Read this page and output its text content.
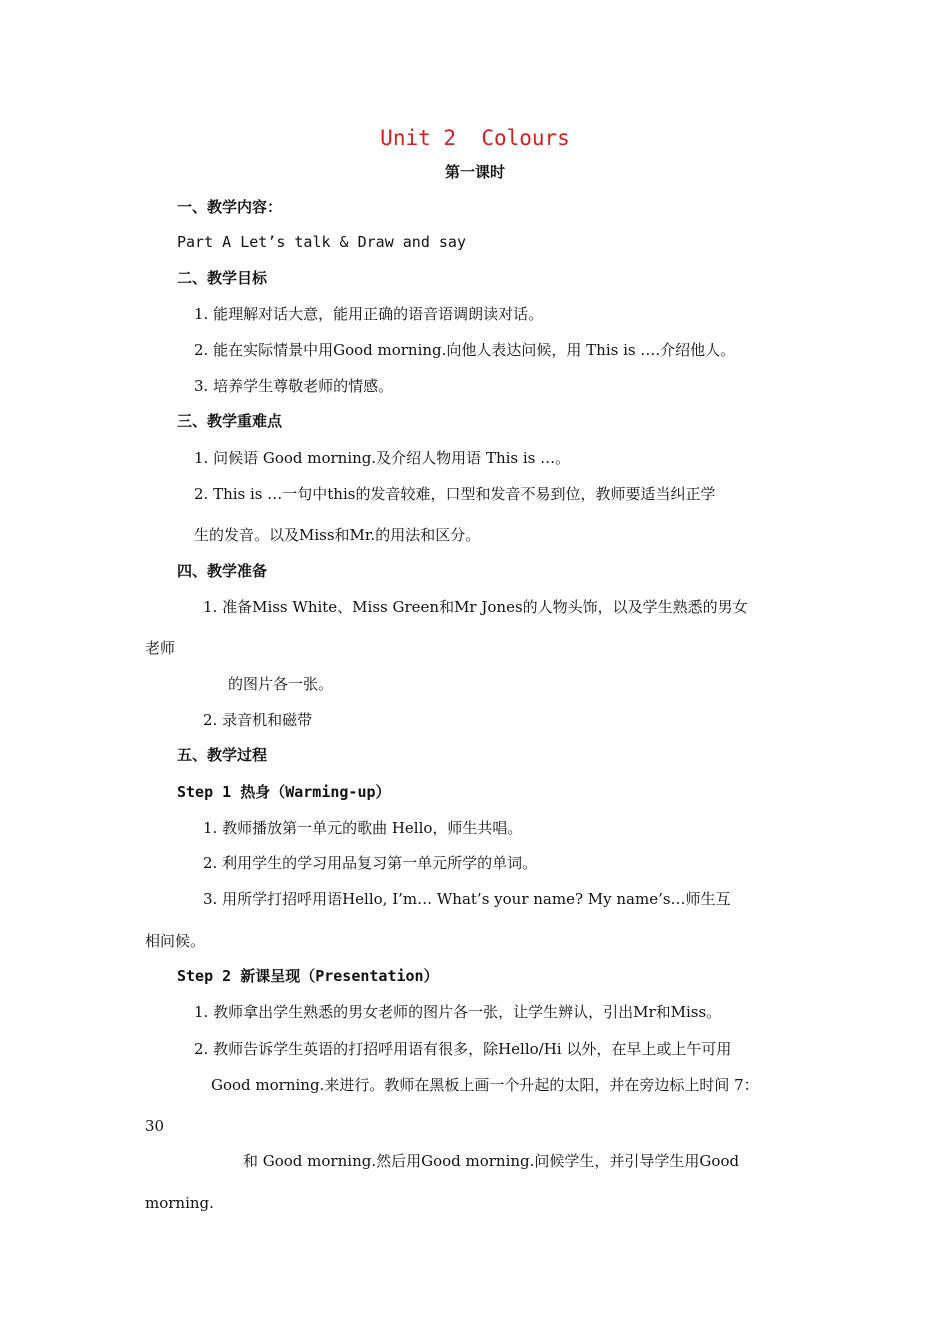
Unit 2  Colours
第一课时
一、教学内容：
Part A Let’s talk & Draw and say
二、教学目标
1. 能理解对话大意，能用正确的语音语调朗读对话。
2. 能在实际情景中用Good morning.向他人表达问候，用 This is ….介绍他人。
3. 培养学生尊敬老师的情感。
三、教学重难点
1. 问候语 Good morning.及介绍人物用语 This is …。
2. This is …一句中this的发音较难，口型和发音不易到位，教师要适当纠正学
生的发音。以及Miss和Mr.的用法和区分。
四、教学准备
1. 准备Miss White、Miss Green和Mr Jones的人物头饰，以及学生熟悉的男女
老师
的图片各一张。
2. 录音机和磁带
五、教学过程
Step 1 热身（Warming-up）
1. 教师播放第一单元的歌曲 Hello，师生共唱。
2. 利用学生的学习用品复习第一单元所学的单词。
3. 用所学打招呼用语Hello, I’m… What’s your name? My name’s…师生互
相问候。
Step 2 新课呈现（Presentation）
1. 教师拿出学生熟悉的男女老师的图片各一张，让学生辨认，引出Mr和Miss。
2. 教师告诉学生英语的打招呼用语有很多，除Hello/Hi 以外，在早上或上午可用
Good morning.来进行。教师在黑板上画一个升起的太阳，并在旁边标上时间 7：
30
和 Good morning.然后用Good morning.问候学生，并引导学生用Good
morning.
